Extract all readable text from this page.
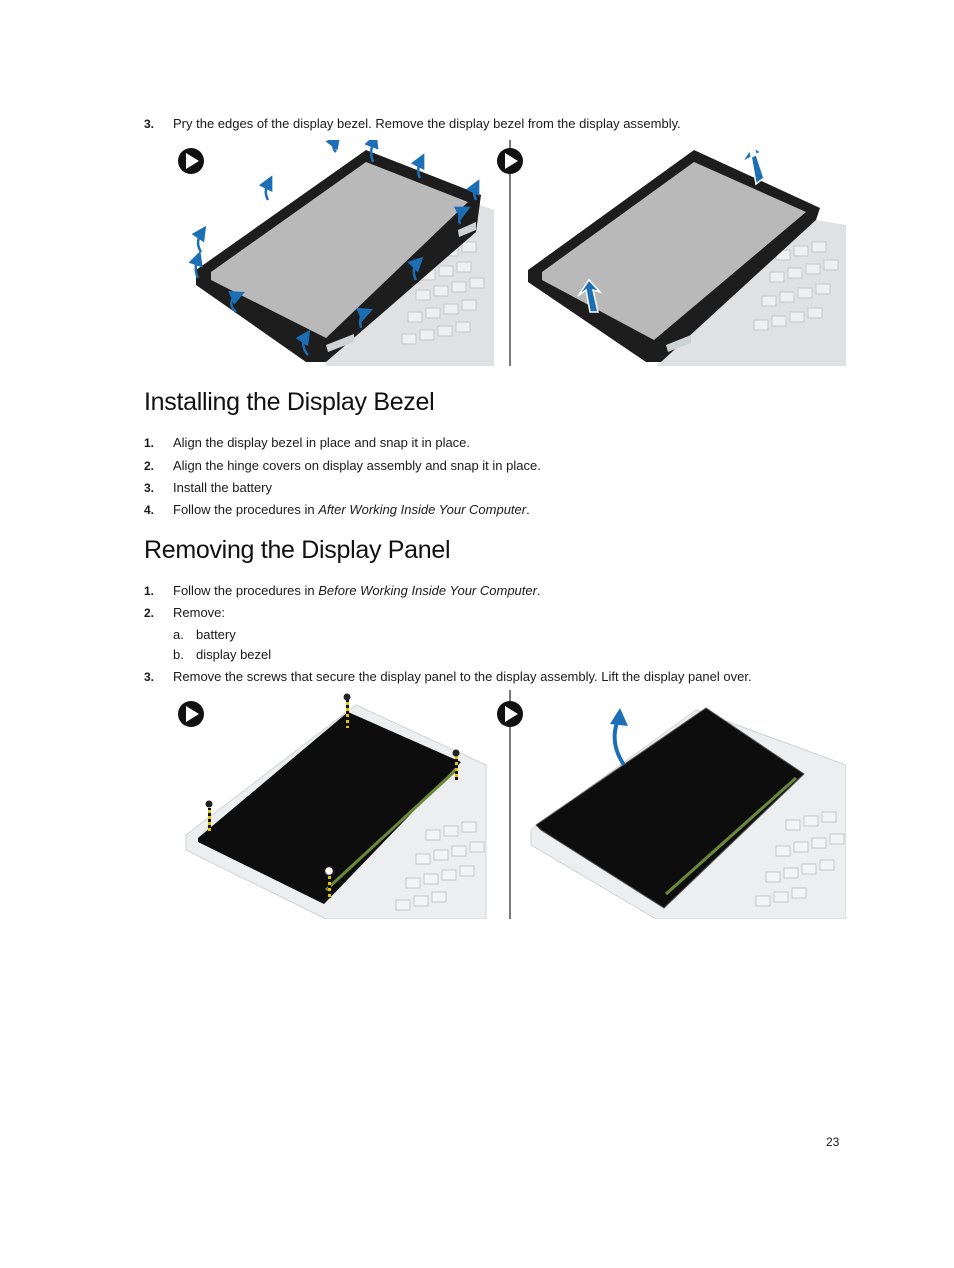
3. Pry the edges of the display bezel. Remove the display bezel from the display assembly.
Installing the Display Bezel
1. Align the display bezel in place and snap it in place.
2. Align the hinge covers on display assembly and snap it in place.
3. Install the battery
4. Follow the procedures in After Working Inside Your Computer.
Removing the Display Panel
1. Follow the procedures in Before Working Inside Your Computer.
2. Remove:
a. battery
b. display bezel
3. Remove the screws that secure the display panel to the display assembly. Lift the display panel over.
23
